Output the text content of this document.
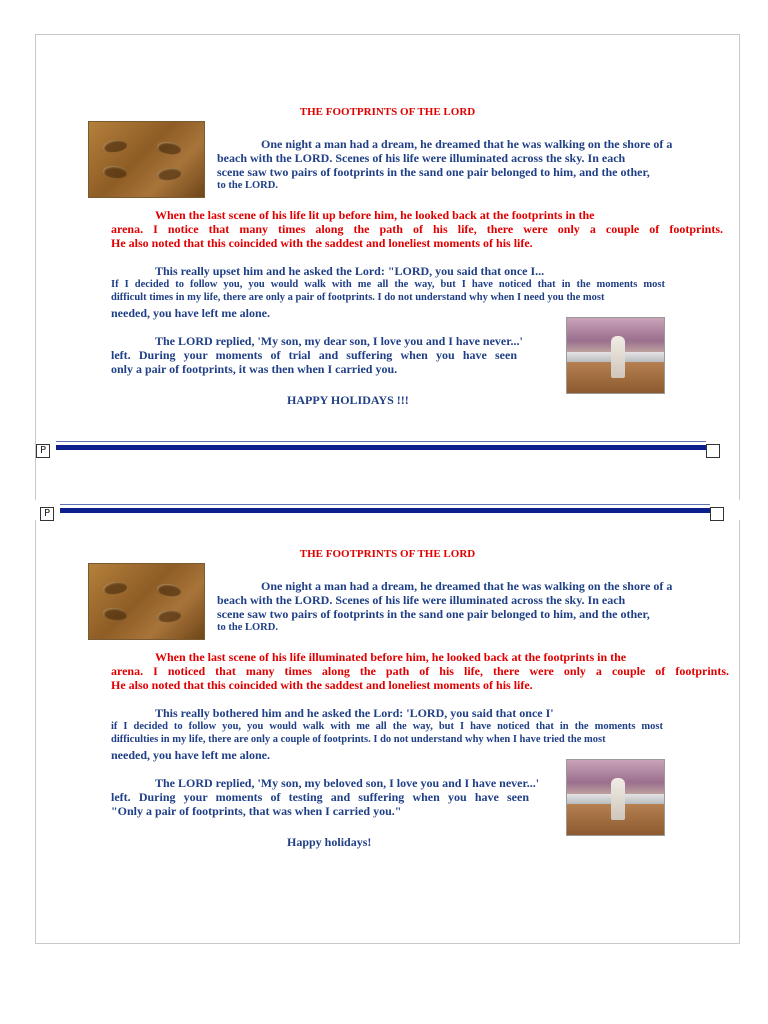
THE FOOTPRINTS OF THE LORD
One night a man had a dream, he dreamed that he was walking on the shore of a
beach with the LORD. Scenes of his life were illuminated across the sky. In each
scene saw two pairs of footprints in the sand one pair belonged to him, and the other,
to the LORD.
When the last scene of his life lit up before him, he looked back at the footprints in the
arena. I notice that many times along the path of his life, there were only a couple of footprints.
He also noted that this coincided with the saddest and loneliest moments of his life.
This really upset him and he asked the Lord: "LORD, you said that once I...
If I decided to follow you, you would walk with me all the way, but I have noticed that in the moments most
difficult times in my life, there are only a pair of footprints. I do not understand why when I need you the most
needed, you have left me alone.
The LORD replied, 'My son, my dear son, I love you and I have never...'
left. During your moments of trial and suffering when you have seen
only a pair of footprints, it was then when I carried you.
HAPPY HOLIDAYS !!!
P
P
THE FOOTPRINTS OF THE LORD
One night a man had a dream, he dreamed that he was walking on the shore of a
beach with the LORD. Scenes of his life were illuminated across the sky. In each
scene saw two pairs of footprints in the sand one pair belonged to him, and the other,
to the LORD.
When the last scene of his life illuminated before him, he looked back at the footprints in the
arena. I noticed that many times along the path of his life, there were only a couple of footprints.
He also noted that this coincided with the saddest and loneliest moments of his life.
This really bothered him and he asked the Lord: 'LORD, you said that once I'
if I decided to follow you, you would walk with me all the way, but I have noticed that in the moments most
difficulties in my life, there are only a couple of footprints. I do not understand why when I have tried the most
needed, you have left me alone.
The LORD replied, 'My son, my beloved son, I love you and I have never...'
left. During your moments of testing and suffering when you have seen
"Only a pair of footprints, that was when I carried you."
Happy holidays!
